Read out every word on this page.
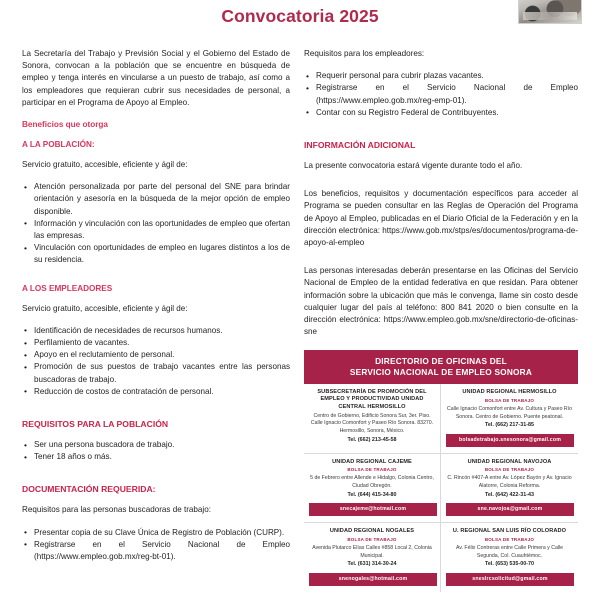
Convocatoria 2025

La Secretaría del Trabajo y Previsión Social y el Gobierno del Estado de Sonora, convocan a la población que se encuentre en búsqueda de empleo y tenga interés en vincularse a un puesto de trabajo, así como a los empleadores que requieran cubrir sus necesidades de personal, a participar en el Programa de Apoyo al Empleo.

Beneficios que otorga
A LA POBLACIÓN:

Servicio gratuito, accesible, eficiente y ágil de:

• Atención personalizada por parte del personal del SNE para brindar orientación y asesoría en la búsqueda de la mejor opción de empleo disponible.
• Información y vinculación con las oportunidades de empleo que ofertan las empresas.
• Vinculación con oportunidades de empleo en lugares distintos a los de su residencia.
A LOS EMPLEADORES

Servicio gratuito, accesible, eficiente y ágil de:

• Identificación de necesidades de recursos humanos.
• Perfilamiento de vacantes.
• Apoyo en el reclutamiento de personal.
• Promoción de sus puestos de trabajo vacantes entre las personas buscadoras de trabajo.
• Reducción de costos de contratación de personal.
REQUISITOS PARA LA POBLACIÓN
• Ser una persona buscadora de trabajo.
• Tener 18 años o más.
DOCUMENTACIÓN REQUERIDA:

Requisitos para las personas buscadoras de trabajo:

• Presentar copia de su Clave Única de Registro de Población (CURP).
• Registrarse en el Servicio Nacional de Empleo (https://www.empleo.gob.mx/reg-bt-01).

Requisitos para los empleadores:

• Requerir personal para cubrir plazas vacantes.
• Registrarse en el Servicio Nacional de Empleo (https://www.empleo.gob.mx/reg-emp-01).
• Contar con su Registro Federal de Contribuyentes.
INFORMACIÓN ADICIONAL

La presente convocatoria estará vigente durante todo el año.

Los beneficios, requisitos y documentación específicos para acceder al Programa se pueden consultar en las Reglas de Operación del Programa de Apoyo al Empleo, publicadas en el Diario Oficial de la Federación y en la dirección electrónica: https://www.gob.mx/stps/es/documentos/programa-de-apoyo-al-empleo

Las personas interesadas deberán presentarse en las Oficinas del Servicio Nacional de Empleo de la entidad federativa en que residan. Para obtener información sobre la ubicación que más le convenga, llame sin costo desde cualquier lugar del país al teléfono: 800 841 2020 o bien consulte en la dirección electrónica: https://www.empleo.gob.mx/sne/directorio-de-oficinas-sne

DIRECTORIO DE OFICINAS DEL
SERVICIO NACIONAL DE EMPLEO SONORA
SUBSECRETARÍA DE PROMOCIÓN DEL EMPLEO Y PRODUCTIVIDAD UNIDAD CENTRAL HERMOSILLO
Centro de Gobierno, Edificio Sonora Sur, 3er. Piso. Calle Ignacio Comonfort y Paseo Río Sonora. 83270. Hermosillo, Sonora, México.
Tel. (662) 213-45-58
UNIDAD REGIONAL HERMOSILLO
BOLSA DE TRABAJO
Calle Ignacio Comonfort entre Av. Cultura y Paseo Río Sonora. Centro de Gobierno. Puente peatonal.
Tel. (662) 217-31-85
bolsadetrabajo.snesonora@gmail.com
UNIDAD REGIONAL CAJEME
BOLSA DE TRABAJO
5 de Febrero entre Allende e Hidalgo, Colonia Centro, Ciudad Obregón.
Tel. (644) 415-34-80
snecajeme@hotmail.com
UNIDAD REGIONAL NAVOJOA
BOLSA DE TRABAJO
C. Rincón #407-A entre Av. López Bayón y Av. Ignacio Alatorre, Colonia Reforma.
Tel. (642) 422-31-43
sne.navojoa@gmail.com
UNIDAD REGIONAL NOGALES
BOLSA DE TRABAJO
Avenida Plutarco Elías Calles #858 Local 2, Colonia Municipal.
Tel. (631) 314-30-24
snenogales@hotmail.com
U. REGIONAL SAN LUIS RÍO COLORADO
BOLSA DE TRABAJO
Av. Félix Contreras entre Calle Primera y Calle Segunda, Col. Cuauhtémoc.
Tel. (653) 535-00-70
sneslrcsolicitud@gmail.com
